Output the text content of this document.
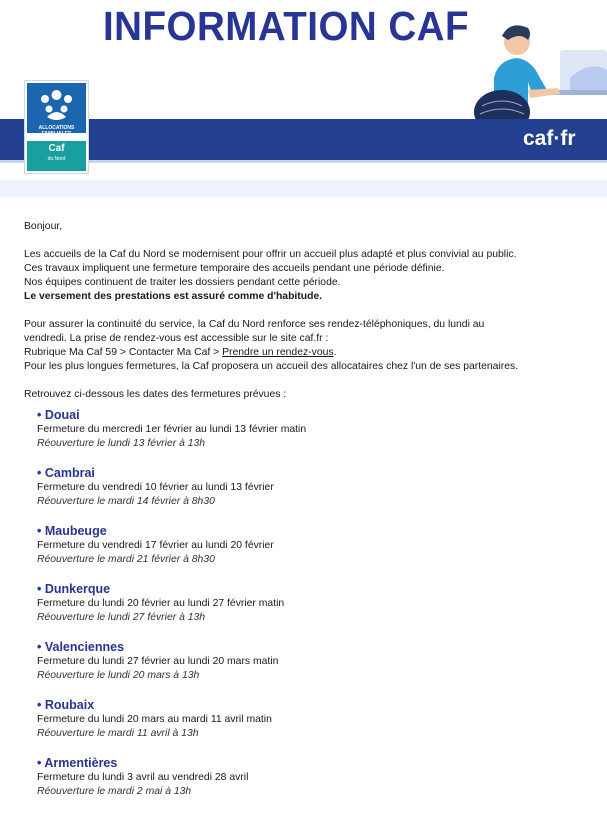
INFORMATION CAF
caf·fr
ALLOCATIONS
FAMILIALES
Caf
du Nord

Bonjour,

Les accueils de la Caf du Nord se modernisent pour offrir un accueil plus adapté et plus convivial au public.

Ces travaux impliquent une fermeture temporaire des accueils pendant une période définie.

Nos équipes continuent de traiter les dossiers pendant cette période.

Le versement des prestations est assuré comme d'habitude.

Pour assurer la continuité du service, la Caf du Nord renforce ses rendez-téléphoniques, du lundi au

vendredi. La prise de rendez-vous est accessible sur le site caf.fr :

Rubrique Ma Caf 59 > Contacter Ma Caf > Prendre un rendez-vous.

Pour les plus longues fermetures, la Caf proposera un accueil des allocataires chez l'un de ses partenaires.

Retrouvez ci-dessous les dates des fermetures prévues :

• Douai
Fermeture du mercredi 1er février au lundi 13 février matin
Réouverture le lundi 13 février à 13h
• Cambrai
Fermeture du vendredi 10 février au lundi 13 février
Réouverture le mardi 14 février à 8h30
• Maubeuge
Fermeture du vendredi 17 février au lundi 20 février
Réouverture le mardi 21 février à 8h30
• Dunkerque
Fermeture du lundi 20 février au lundi 27 février matin
Réouverture le lundi 27 février à 13h
• Valenciennes
Fermeture du lundi 27 février au lundi 20 mars matin
Réouverture le lundi 20 mars à 13h
• Roubaix
Fermeture du lundi 20 mars au mardi 11 avril matin
Réouverture le mardi 11 avril à 13h
• Armentières
Fermeture du lundi 3 avril au vendredi 28 avril
Réouverture le mardi 2 mai à 13h
